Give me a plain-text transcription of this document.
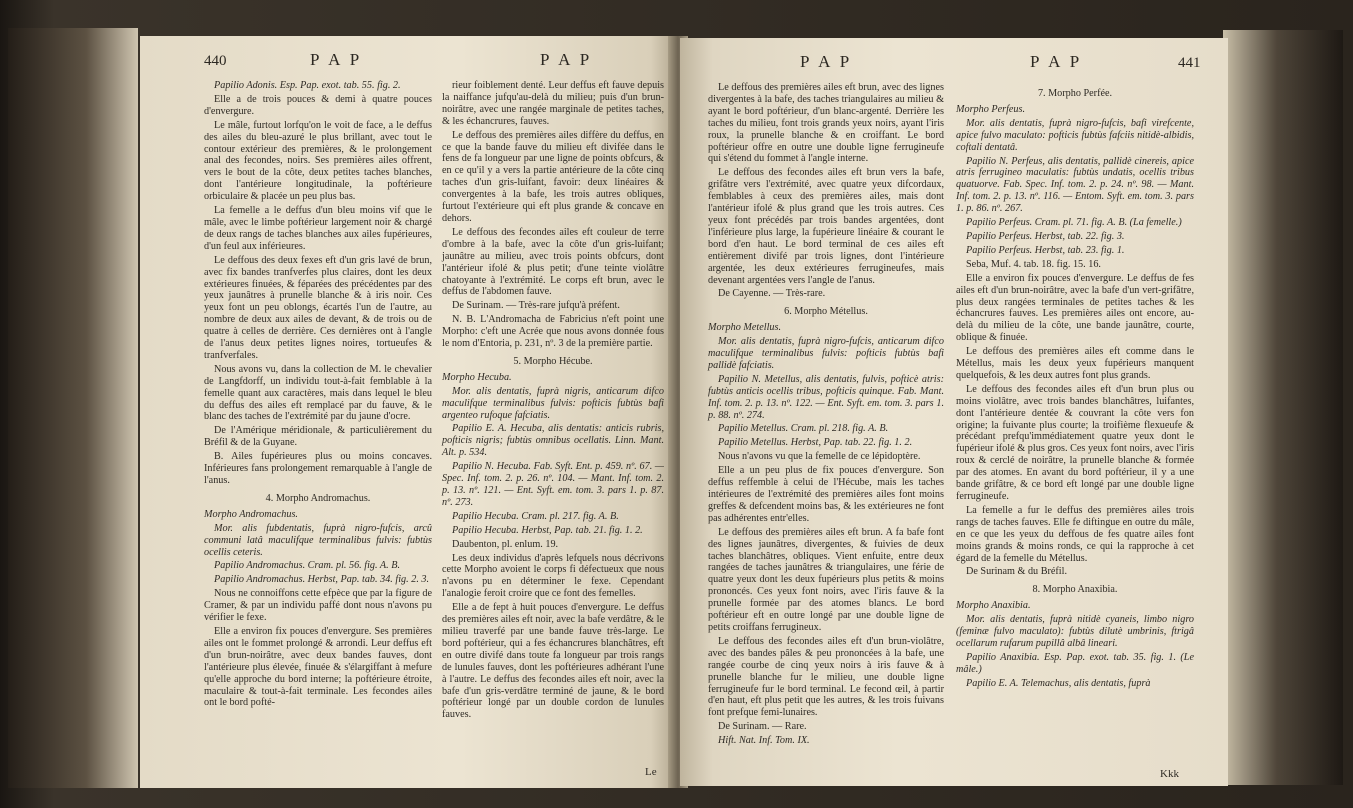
440	P A P	P A P

Papilio Adonis. Esp. Pap. exot. tab. 55. fig. 2.

Elle a de trois pouces & demi à quatre pouces d'envergure.

Le mâle, furtout lorfqu'on le voit de face, a le deffus des ailes du bleu-azuré le plus brillant, avec tout le contour extérieur des premières, & le prolongement anal des fecondes, noirs. Ses premières ailes offrent, vers le bout de la côte, deux petites taches blanches, dont l'antérieure longitudinale, la poftérieure orbiculaire & placée un peu plus bas.

La femelle a le deffus d'un bleu moins vif que le mâle, avec le limbe poftérieur largement noir & chargé de deux rangs de taches blanches aux ailes fupérieures, d'un feul aux inférieures.

Le deffous des deux fexes eft d'un gris lavé de brun, avec fix bandes tranfverfes plus claires, dont les deux extérieures finuées, & féparées des précédentes par des yeux jaunâtres à prunelle blanche & à iris noir. Ces yeux font un peu oblongs, écartés l'un de l'autre, au nombre de deux aux ailes de devant, & de trois ou de quatre à celles de derrière. Ces dernières ont à l'angle de l'anus deux petites lignes noires, tortueufes & tranfverfales.

Nous avons vu, dans la collection de M. le chevalier de Langfdorff, un individu tout-à-fait femblable à la femelle quant aux caractères, mais dans lequel le bleu du deffus des ailes eft remplacé par du fauve, & le blanc des taches de l'extrémité par du jaune d'ocre.

De l'Amérique méridionale, & particulièrement du Bréfil & de la Guyane.

B. Ailes fupérieures plus ou moins concaves. Inférieures fans prolongement remarquable à l'angle de l'anus.

4. Morpho Andromachus.

Morpho Andromachus.

Mor. alis fubdentatis, fuprà nigro-fufcis, arcû communi latâ maculifque terminalibus fulvis: fubtùs ocellis ceteris.

Papilio Andromachus. Cram. pl. 56. fig. A. B.

Papilio Andromachus. Herbst, Pap. tab. 34. fig. 2. 3.

Nous ne connoiffons cette efpèce que par la figure de Cramer, & par un individu paffé dont nous n'avons pu vérifier le fexe.

Elle a environ fix pouces d'envergure. Ses premières ailes ont le fommet prolongé & arrondi. Leur deffus eft d'un brun-noirâtre, avec deux bandes fauves, dont l'antérieure plus élevée, finuée & s'élargiffant à mefure qu'elle approche du bord interne; la poftérieure étroite, maculaire & tout-à-fait terminale. Les fecondes ailes ont le bord pofté-

rieur foiblement denté. Leur deffus eft fauve depuis la naiffance jufqu'au-delà du milieu; puis d'un brun-noirâtre, avec une rangée marginale de petites taches, & les échancrures, fauves.

Le deffous des premières ailes diffère du deffus, en ce que la bande fauve du milieu eft divifée dans le fens de fa longueur par une ligne de points obfcurs, & en ce qu'il y a vers la partie antérieure de la côte cinq taches d'un gris-luifant, favoir: deux linéaires & convergentes à la bafe, les trois autres obliques, furtout l'extérieure qui eft plus grande & concave en dehors.

Le deffous des fecondes ailes eft couleur de terre d'ombre à la bafe, avec la côte d'un gris-luifant; jaunâtre au milieu, avec trois points obfcurs, dont l'antérieur ifolé & plus petit; d'une teinte violâtre chatoyante à l'extrémité. Le corps eft brun, avec le deffus de l'abdomen fauve.

De Surinam. — Très-rare jufqu'à préfent.

N. B. L'Andromacha de Fabricius n'eft point une Morpho: c'eft une Acrée que nous avons donnée fous le nom d'Entoria, p. 231, nº. 3 de la première partie.

5. Morpho Hécube.

Morpho Hecuba.

Mor. alis dentatis, fuprà nigris, anticarum difco maculifque terminalibus fulvis: pofticis fubtùs bafi argenteo rufoque fafciatis.

Papilio E. A. Hecuba, alis dentatis: anticis rubris, pofticis nigris; fubtùs omnibus ocellatis. Linn. Mant. Alt. p. 534.

Papilio N. Hecuba. Fab. Syft. Ent. p. 459. nº. 67. — Spec. Inf. tom. 2. p. 26. nº. 104. — Mant. Inf. tom. 2. p. 13. nº. 121. — Ent. Syft. em. tom. 3. pars 1. p. 87. nº. 273.

Papilio Hecuba. Cram. pl. 217. fig. A. B.

Papilio Hecuba. Herbst, Pap. tab. 21. fig. 1. 2.

Daubenton, pl. enlum. 19.

Les deux individus d'après lefquels nous décrivons cette Morpho avoient le corps fi défectueux que nous n'avons pu en déterminer le fexe. Cependant l'analogie feroit croire que ce font des femelles.

Elle a de fept à huit pouces d'envergure. Le deffus des premières ailes eft noir, avec la bafe verdâtre, & le milieu traverfé par une bande fauve très-large. Le bord poftérieur, qui a fes échancrures blanchâtres, eft en outre divifé dans toute fa longueur par trois rangs de lunules fauves, dont les poftérieures adhérant l'une à l'autre. Le deffus des fecondes ailes eft noir, avec la bafe d'un gris-verdâtre terminé de jaune, & le bord poftérieur longé par un double cordon de lunules fauves.

Le
P A P	P A P	441

Le deffous des premières ailes eft brun, avec des lignes divergentes à la bafe, des taches triangulaires au milieu & ayant le bord poftérieur, d'un blanc-argenté. Derrière les taches du milieu, font trois grands yeux noirs, ayant l'iris roux, la prunelle blanche & en croiffant. Le bord poftérieur offre en outre une double ligne ferrugineufe qui s'étend du fommet à l'angle interne.

Le deffous des fecondes ailes eft brun vers la bafe, grifâtre vers l'extrémité, avec quatre yeux difcordaux, femblables à ceux des premières ailes, mais dont l'antérieur ifolé & plus grand que les trois autres. Ces yeux font précédés par trois bandes argentées, dont l'inférieure plus large, la fupérieure linéaire & courant le bord d'en haut. Le bord terminal de ces ailes eft entièrement divifé par trois lignes, dont l'intérieure argentée, les deux extérieures ferrugineufes, mais devenant argentées vers l'angle de l'anus.

De Cayenne. — Très-rare.

6. Morpho Métellus.

Morpho Metellus.

Mor. alis dentatis, fuprà nigro-fufcis, anticarum difco maculifque terminalibus fulvis: pofticis fubtùs bafi pallidè fafciatis.

Papilio N. Metellus, alis dentatis, fulvis, pofticè atris: fubtùs anticis ocellis tribus, pofticis quinque. Fab. Mant. Inf. tom. 2. p. 13. nº. 122. — Ent. Syft. em. tom. 3. pars 1. p. 88. nº. 274.

Papilio Metellus. Cram. pl. 218. fig. A. B.

Papilio Metellus. Herbst, Pap. tab. 22. fig. 1. 2.

Nous n'avons vu que la femelle de ce lépidoptère.

Elle a un peu plus de fix pouces d'envergure. Son deffus reffemble à celui de l'Hécube, mais les taches intérieures de l'extrémité des premières ailes font moins greffes & defcendent moins bas, & les extérieures ne font pas adhérentes entr'elles.

Le deffous des premières ailes eft brun. A fa bafe font des lignes jaunâtres, divergentes, & fuivies de deux taches blanchâtres, obliques. Vient enfuite, entre deux rangées de taches jaunâtres & triangulaires, une férie de quatre yeux dont les deux fupérieurs plus petits & moins prononcés. Ces yeux font noirs, avec l'iris fauve & la prunelle formée par des atomes blancs. Le bord poftérieur eft en outre longé par une double ligne de petits croiffans ferrugineux.

Le deffous des fecondes ailes eft d'un brun-violâtre, avec des bandes pâles & peu prononcées à la bafe, une rangée courbe de cinq yeux noirs à iris fauve & à prunelle blanche fur le milieu, une double ligne ferrugineufe fur le bord terminal. Le fecond œil, à partir d'en haut, eft plus petit que les autres, & les trois fuivans font prefque femi-lunaires.

De Surinam. — Rare.

Hift. Nat. Inf. Tom. IX.

7. Morpho Perfée.

Morpho Perfeus.

Mor. alis dentatis, fuprà nigro-fufcis, bafi virefcente, apice fulvo maculato: pofticis fubtùs fafciis nitidè-albidis, coftali dentatâ.

Papilio N. Perfeus, alis dentatis, pallidè cinereis, apice atris ferrugineo maculatis: fubtùs undatis, ocellis tribus quatuorve. Fab. Spec. Inf. tom. 2. p. 24. nº. 98. — Mant. Inf. tom. 2. p. 13. nº. 116. — Entom. Syft. em. tom. 3. pars 1. p. 86. nº. 267.

Papilio Perfeus. Cram. pl. 71. fig. A. B. (La femelle.)

Papilio Perfeus. Herbst, tab. 22. fig. 3.

Papilio Perfeus. Herbst, tab. 23. fig. 1.

Seba, Muf. 4. tab. 18. fig. 15. 16.

Elle a environ fix pouces d'envergure. Le deffus de fes ailes eft d'un brun-noirâtre, avec la bafe d'un vert-grifâtre, plus deux rangées terminales de petites taches & les échancrures fauves. Les premières ailes ont encore, au-delà du milieu de la côte, une bande jaunâtre, courte, oblique & finuée.

Le deffous des premières ailes eft comme dans le Métellus, mais les deux yeux fupérieurs manquent quelquefois, & les deux autres font plus grands.

Le deffous des fecondes ailes eft d'un brun plus ou moins violâtre, avec trois bandes blanchâtres, luifantes, dont l'antérieure dentée & couvrant la côte vers fon origine; la fuivante plus courte; la troifième flexueufe & précédant prefqu'immédiatement quatre yeux dont le fupérieur ifolé & plus gros. Ces yeux font noirs, avec l'iris roux & cerclé de noirâtre, la prunelle blanche & formée par des atomes. En avant du bord poftérieur, il y a une bande grifâtre, & ce bord eft longé par une double ligne ferrugineufe.

La femelle a fur le deffus des premières ailes trois rangs de taches fauves. Elle fe diftingue en outre du mâle, en ce que les yeux du deffous de fes quatre ailes font moins grands & moins ronds, ce qui la rapproche à cet égard de la femelle du Métellus.

De Surinam & du Bréfil.

8. Morpho Anaxibia.

Morpho Anaxibia.

Mor. alis dentatis, fuprà nitidè cyaneis, limbo nigro (feminæ fulvo maculato): fubtùs dilutè umbrinis, ftrigâ ocellarum rufarum pupillâ albâ lineari.

Papilio Anaxibia. Esp. Pap. exot. tab. 35. fig. 1. (Le mâle.)

Papilio E. A. Telemachus, alis dentatis, fuprà

Kkk
